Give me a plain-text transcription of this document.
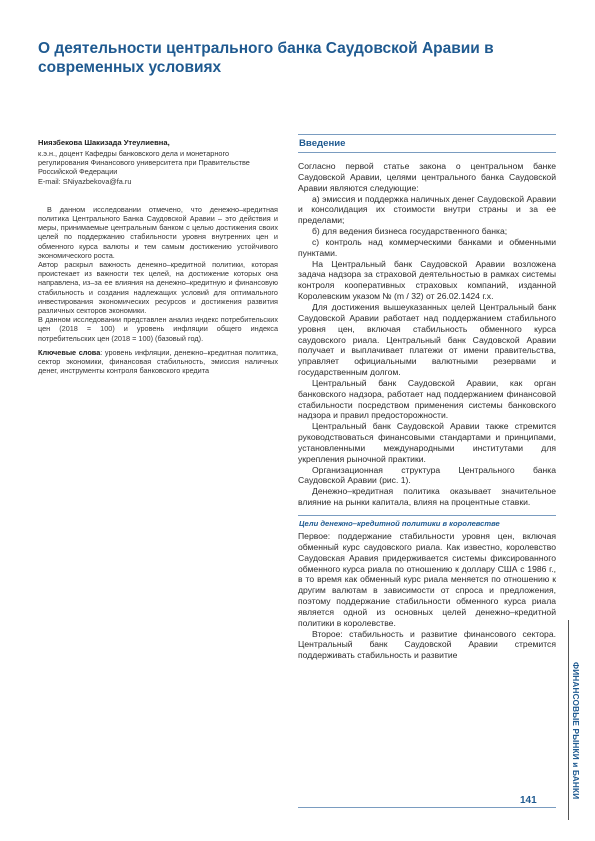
О деятельности центрального банка Саудовской Аравии в современных условиях

Ниязбекова Шакизада Утеулиевна,

к.э.н., доцент Кафедры банковского дела и монетарного

регулирования Финансового университета при Правительстве

Российской Федерации

E-mail: SNiyazbekova@fa.ru

В данном исследовании отмечено, что денежно–кредитная политика Центрального Банка Саудовской Аравии – это действия и меры, принимаемые центральным банком с целью достижения своих целей по поддержанию стабильности уровня внутренних цен и обменного курса валюты и тем самым достижению устойчивого экономического роста.

Автор раскрыл важность денежно–кредитной политики, которая проистекает из важности тех целей, на достижение которых она направлена, из–за ее влияния на денежно–кредитную и финансовую стабильность и создания надлежащих условий для оптимального инвестирования экономических ресурсов и достижения развития различных секторов экономики.

В данном исследовании представлен анализ индекс потребительских цен (2018 = 100) и уровень инфляции общего индекса потребительских цен (2018 = 100) (базовый год).

Ключевые слова: уровень инфляции, денежно–кредитная политика, сектор экономики, финансовая стабильность, эмиссия наличных денег, инструменты контроля банковского кредита
Введение

Согласно первой статье закона о центральном банке Саудовской Аравии, целями центрального банка Саудовской Аравии являются следующие:

а) эмиссия и поддержка наличных денег Саудовской Аравии и консолидация их стоимости внутри страны и за ее пределами;

б) для ведения бизнеса государственного банка;

с) контроль над коммерческими банками и обменными пунктами.

На Центральный банк Саудовской Аравии возложена задача надзора за страховой деятельностью в рамках системы контроля кооперативных страховых компаний, изданной Королевским указом № (m / 32) от 26.02.1424 г.х.

Для достижения вышеуказанных целей Центральный банк Саудовской Аравии работает над поддержанием стабильного уровня цен, включая стабильность обменного курса саудовского риала. Центральный банк Саудовской Аравии получает и выплачивает платежи от имени правительства, управляет официальными валютными резервами и государственным долгом.

Центральный банк Саудовской Аравии, как орган банковского надзора, работает над поддержанием финансовой стабильности посредством применения системы банковского надзора и правил предосторожности.

Центральный банк Саудовской Аравии также стремится руководствоваться финансовыми стандартами и принципами, установленными международными институтами для укрепления рыночной практики.

Организационная структура Центрального банка Саудовской Аравии (рис. 1).

Денежно–кредитная политика оказывает значительное влияние на рынки капитала, влияя на процентные ставки.

Цели денежно–кредитной политики в королевстве

Первое: поддержание стабильности уровня цен, включая обменный курс саудовского риала. Как известно, королевство Саудовская Аравия придерживается системы фиксированного обменного курса риала по отношению к доллару США с 1986 г., в то время как обменный курс риала меняется по отношению к другим валютам в зависимости от спроса и предложения, поэтому поддержание стабильности обменного курса риала является одной из основных целей денежно–кредитной политики в королевстве.

Второе: стабильность и развитие финансового сектора. Центральный банк Саудовской Аравии стремится поддерживать стабильность и развитие

ФИНАНСОВЫЕ РЫНКИ и БАНКИ
141
